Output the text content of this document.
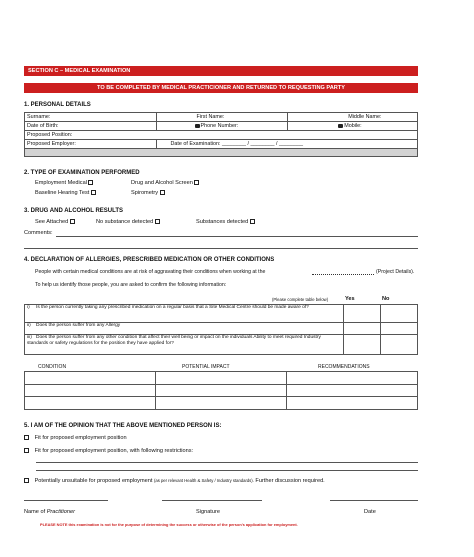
SECTION C – MEDICAL EXAMINATION
TO BE COMPLETED BY MEDICAL PRACTICIONER AND RETURNED TO REQUESTING PARTY
1. PERSONAL DETAILS
Surname:	First Name:	Middle Name:
Date of Birth:	Phone Number:	Mobile:
Proposed Position:		
Proposed Employer:	Date of Examination: ________ / ________ / ________	

2. TYPE OF EXAMINATION PERFORMED
Employment Medical	Drug and Alcohol Screen
Baseline Hearing Test	Spirometry
3. DRUG AND ALCOHOL RESULTS
See Attached	No substance detected	Substances detected
Comments:
4. DECLARATION OF ALLERGIES, PRESCRIBED MEDICATION OR OTHER CONDITIONS
People with certain medical conditions are at risk of aggravating their conditions when working at the	(Project Details).
To help us identify those people, you are asked to confirm the following information:
(Please complete table below)	Yes	No
i) Is the person currently taking any prescribed medication on a regular basis that a Site Medical Centre should be made aware of?		
ii) Does the person suffer from any Allergy		
iii) Does the person suffer from any other condition that affect their well being or impact on the individuals Ability to meet required Industry standards or safety regulations for the position they have applied for?		
CONDITION	POTENTIAL IMPACT	RECOMMENDATIONS

5. I AM OF THE OPINION THAT THE ABOVE MENTIONED PERSON IS:
Fit for proposed employment position
Fit for proposed employment position, with following restrictions:
Potentially unsuitable for proposed employment (as per relevant Health & Safety / Industry standards). Further discussion required.
Name of Practitioner	Signature	Date
PLEASE NOTE this examination is not for the purpose of determining the success or otherwise of the person's application for employment.
